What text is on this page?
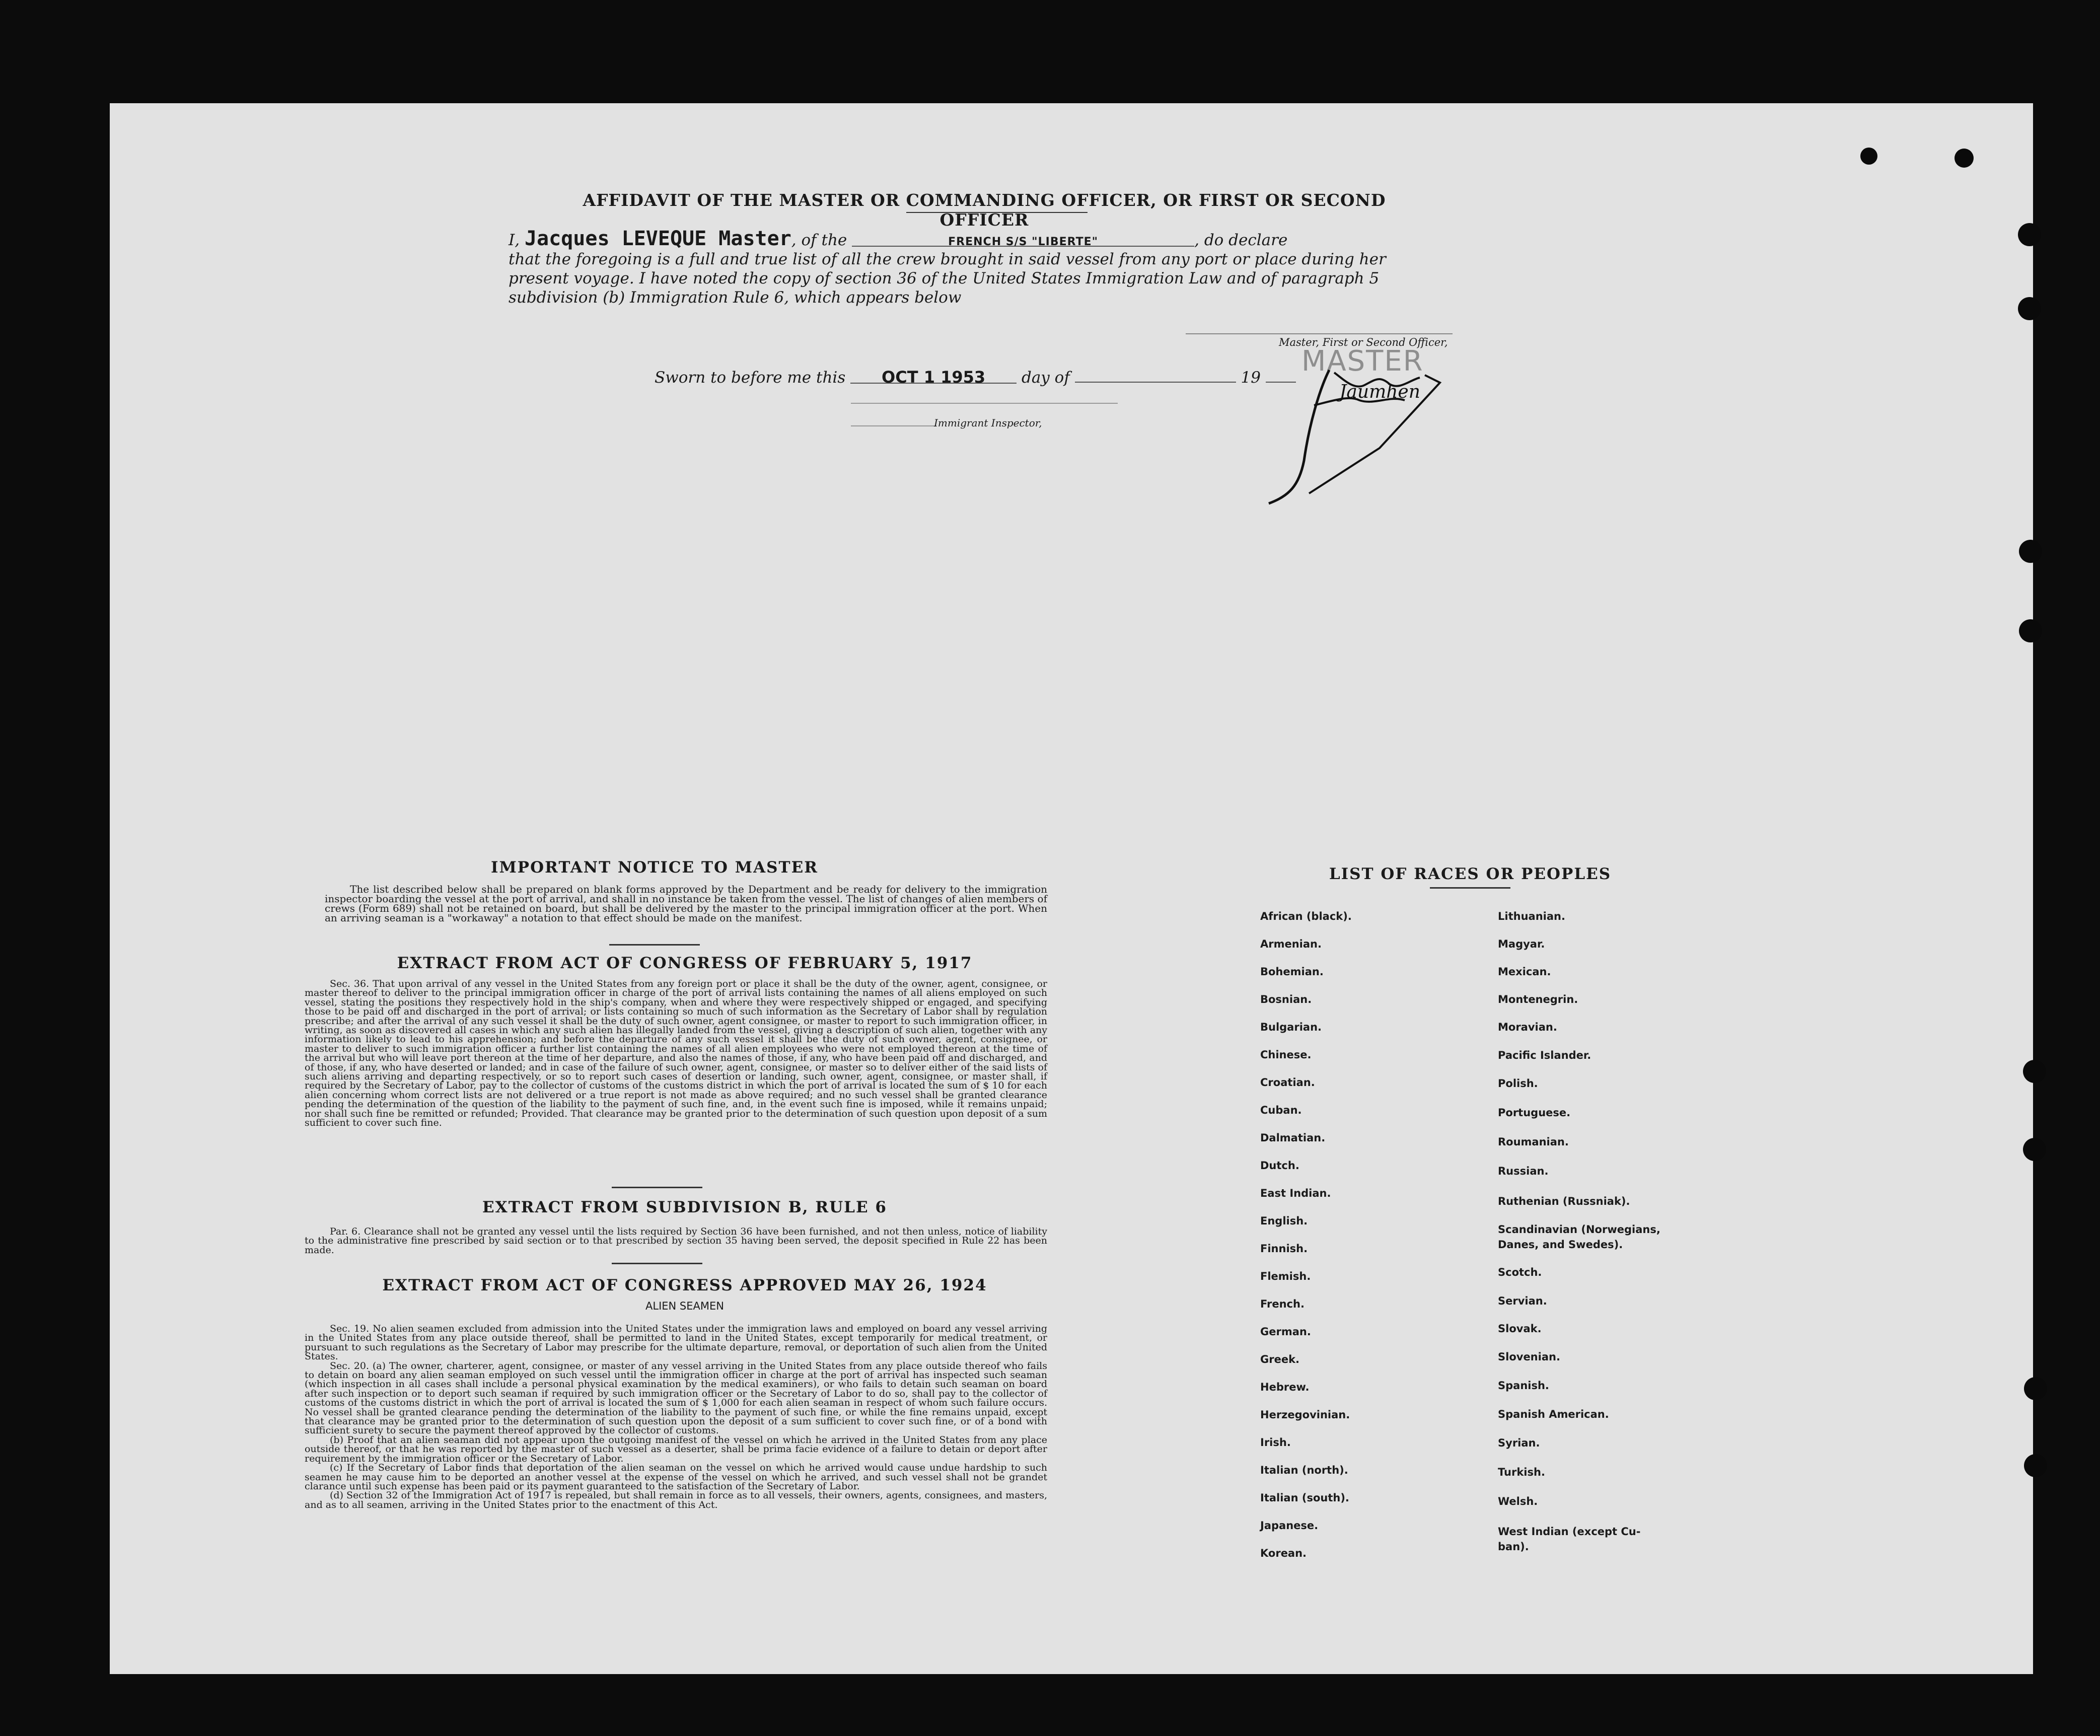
AFFIDAVIT OF THE MASTER OR COMMANDING OFFICER, OR FIRST OR SECOND OFFICER
I, Jacques LEVEQUE Master, of the	FRENCH S/S "LIBERTE"	, do declare
that the foregoing is a full and true list of all the crew brought in said vessel from any port or place during her
present voyage. I have noted the copy of section 36 of the United States Immigration Law and of paragraph 5
subdivision (b) Immigration Rule 6, which appears below
Master, First or Second Officer,
MASTER
Jaumhen
Sworn to before me this OCT 1 1953 day of	19
Immigrant Inspector,
IMPORTANT NOTICE TO MASTER
The list described below shall be prepared on blank forms approved by the Department and be ready for delivery to the immigration inspector boarding the vessel at the port of arrival, and shall in no instance be taken from the vessel. The list of changes of alien members of crews (Form 689) shall not be retained on board, but shall be delivered by the master to the principal immigration officer at the port. When an arriving seaman is a "workaway" a notation to that effect should be made on the manifest.
EXTRACT FROM ACT OF CONGRESS OF FEBRUARY 5, 1917

Sec. 36. That upon arrival of any vessel in the United States from any foreign port or place it shall be the duty of the owner, agent, consignee, or master thereof to deliver to the principal immigration officer in charge of the port of arrival lists containing the names of all aliens employed on such vessel, stating the positions they respectively hold in the ship's company, when and where they were respectively shipped or engaged, and specifying those to be paid off and discharged in the port of arrival; or lists containing so much of such information as the Secretary of Labor shall by regulation prescribe; and after the arrival of any such vessel it shall be the duty of such owner, agent consignee, or master to report to such immigration officer, in writing, as soon as discovered all cases in which any such alien has illegally landed from the vessel, giving a description of such alien, together with any information likely to lead to his apprehension; and before the departure of any such vessel it shall be the duty of such owner, agent, consignee, or master to deliver to such immigration officer a further list containing the names of all alien employees who were not employed thereon at the time of the arrival but who will leave port thereon at the time of her departure, and also the names of those, if any, who have been paid off and discharged, and of those, if any, who have deserted or landed; and in case of the failure of such owner, agent, consignee, or master so to deliver either of the said lists of such aliens arriving and departing respectively, or so to report such cases of desertion or landing, such owner, agent, consignee, or master shall, if required by the Secretary of Labor, pay to the collector of customs of the customs district in which the port of arrival is located the sum of $ 10 for each alien concerning whom correct lists are not delivered or a true report is not made as above required; and no such vessel shall be granted clearance pending the determination of the question of the liability to the payment of such fine, and, in the event such fine is imposed, while it remains unpaid; nor shall such fine be remitted or refunded; Provided. That clearance may be granted prior to the determination of such question upon deposit of a sum sufficient to cover such fine.

EXTRACT FROM SUBDIVISION B, RULE 6

Par. 6. Clearance shall not be granted any vessel until the lists required by Section 36 have been furnished, and not then unless, notice of liability to the administrative fine prescribed by said section or to that prescribed by section 35 having been served, the deposit specified in Rule 22 has been made.

EXTRACT FROM ACT OF CONGRESS APPROVED MAY 26, 1924
ALIEN SEAMEN

Sec. 19. No alien seamen excluded from admission into the United States under the immigration laws and employed on board any vessel arriving in the United States from any place outside thereof, shall be permitted to land in the United States, except temporarily for medical treatment, or pursuant to such regulations as the Secretary of Labor may prescribe for the ultimate departure, removal, or deportation of such alien from the United States.

Sec. 20. (a) The owner, charterer, agent, consignee, or master of any vessel arriving in the United States from any place outside thereof who fails to detain on board any alien seaman employed on such vessel until the immigration officer in charge at the port of arrival has inspected such seaman (which inspection in all cases shall include a personal physical examination by the medical examiners), or who fails to detain such seaman on board after such inspection or to deport such seaman if required by such immigration officer or the Secretary of Labor to do so, shall pay to the collector of customs of the customs district in which the port of arrival is located the sum of $ 1,000 for each alien seaman in respect of whom such failure occurs. No vessel shall be granted clearance pending the determination of the liability to the payment of such fine, or while the fine remains unpaid, except that clearance may be granted prior to the determination of such question upon the deposit of a sum sufficient to cover such fine, or of a bond with sufficient surety to secure the payment thereof approved by the collector of customs.

(b) Proof that an alien seaman did not appear upon the outgoing manifest of the vessel on which he arrived in the United States from any place outside thereof, or that he was reported by the master of such vessel as a deserter, shall be prima facie evidence of a failure to detain or deport after requirement by the immigration officer or the Secretary of Labor.

(c) If the Secretary of Labor finds that deportation of the alien seaman on the vessel on which he arrived would cause undue hardship to such seamen he may cause him to be deported an another vessel at the expense of the vessel on which he arrived, and such vessel shall not be grandet clarance until such expense has been paid or its payment guaranteed to the satisfaction of the Secretary of Labor.

(d) Section 32 of the Immigration Act of 1917 is repealed, but shall remain in force as to all vessels, their owners, agents, consignees, and masters, and as to all seamen, arriving in the United States prior to the enactment of this Act.

LIST OF RACES OR PEOPLES
African (black).
Armenian.
Bohemian.
Bosnian.
Bulgarian.
Chinese.
Croatian.
Cuban.
Dalmatian.
Dutch.
East Indian.
English.
Finnish.
Flemish.
French.
German.
Greek.
Hebrew.
Herzegovinian.
Irish.
Italian (north).
Italian (south).
Japanese.
Korean.
Lithuanian.
Magyar.
Mexican.
Montenegrin.
Moravian.
Pacific Islander.
Polish.
Portuguese.
Roumanian.
Russian.
Ruthenian (Russniak).
Scandinavian (Norwegians,
Danes, and Swedes).
Scotch.
Servian.
Slovak.
Slovenian.
Spanish.
Spanish American.
Syrian.
Turkish.
Welsh.
West Indian (except Cu-
ban).
